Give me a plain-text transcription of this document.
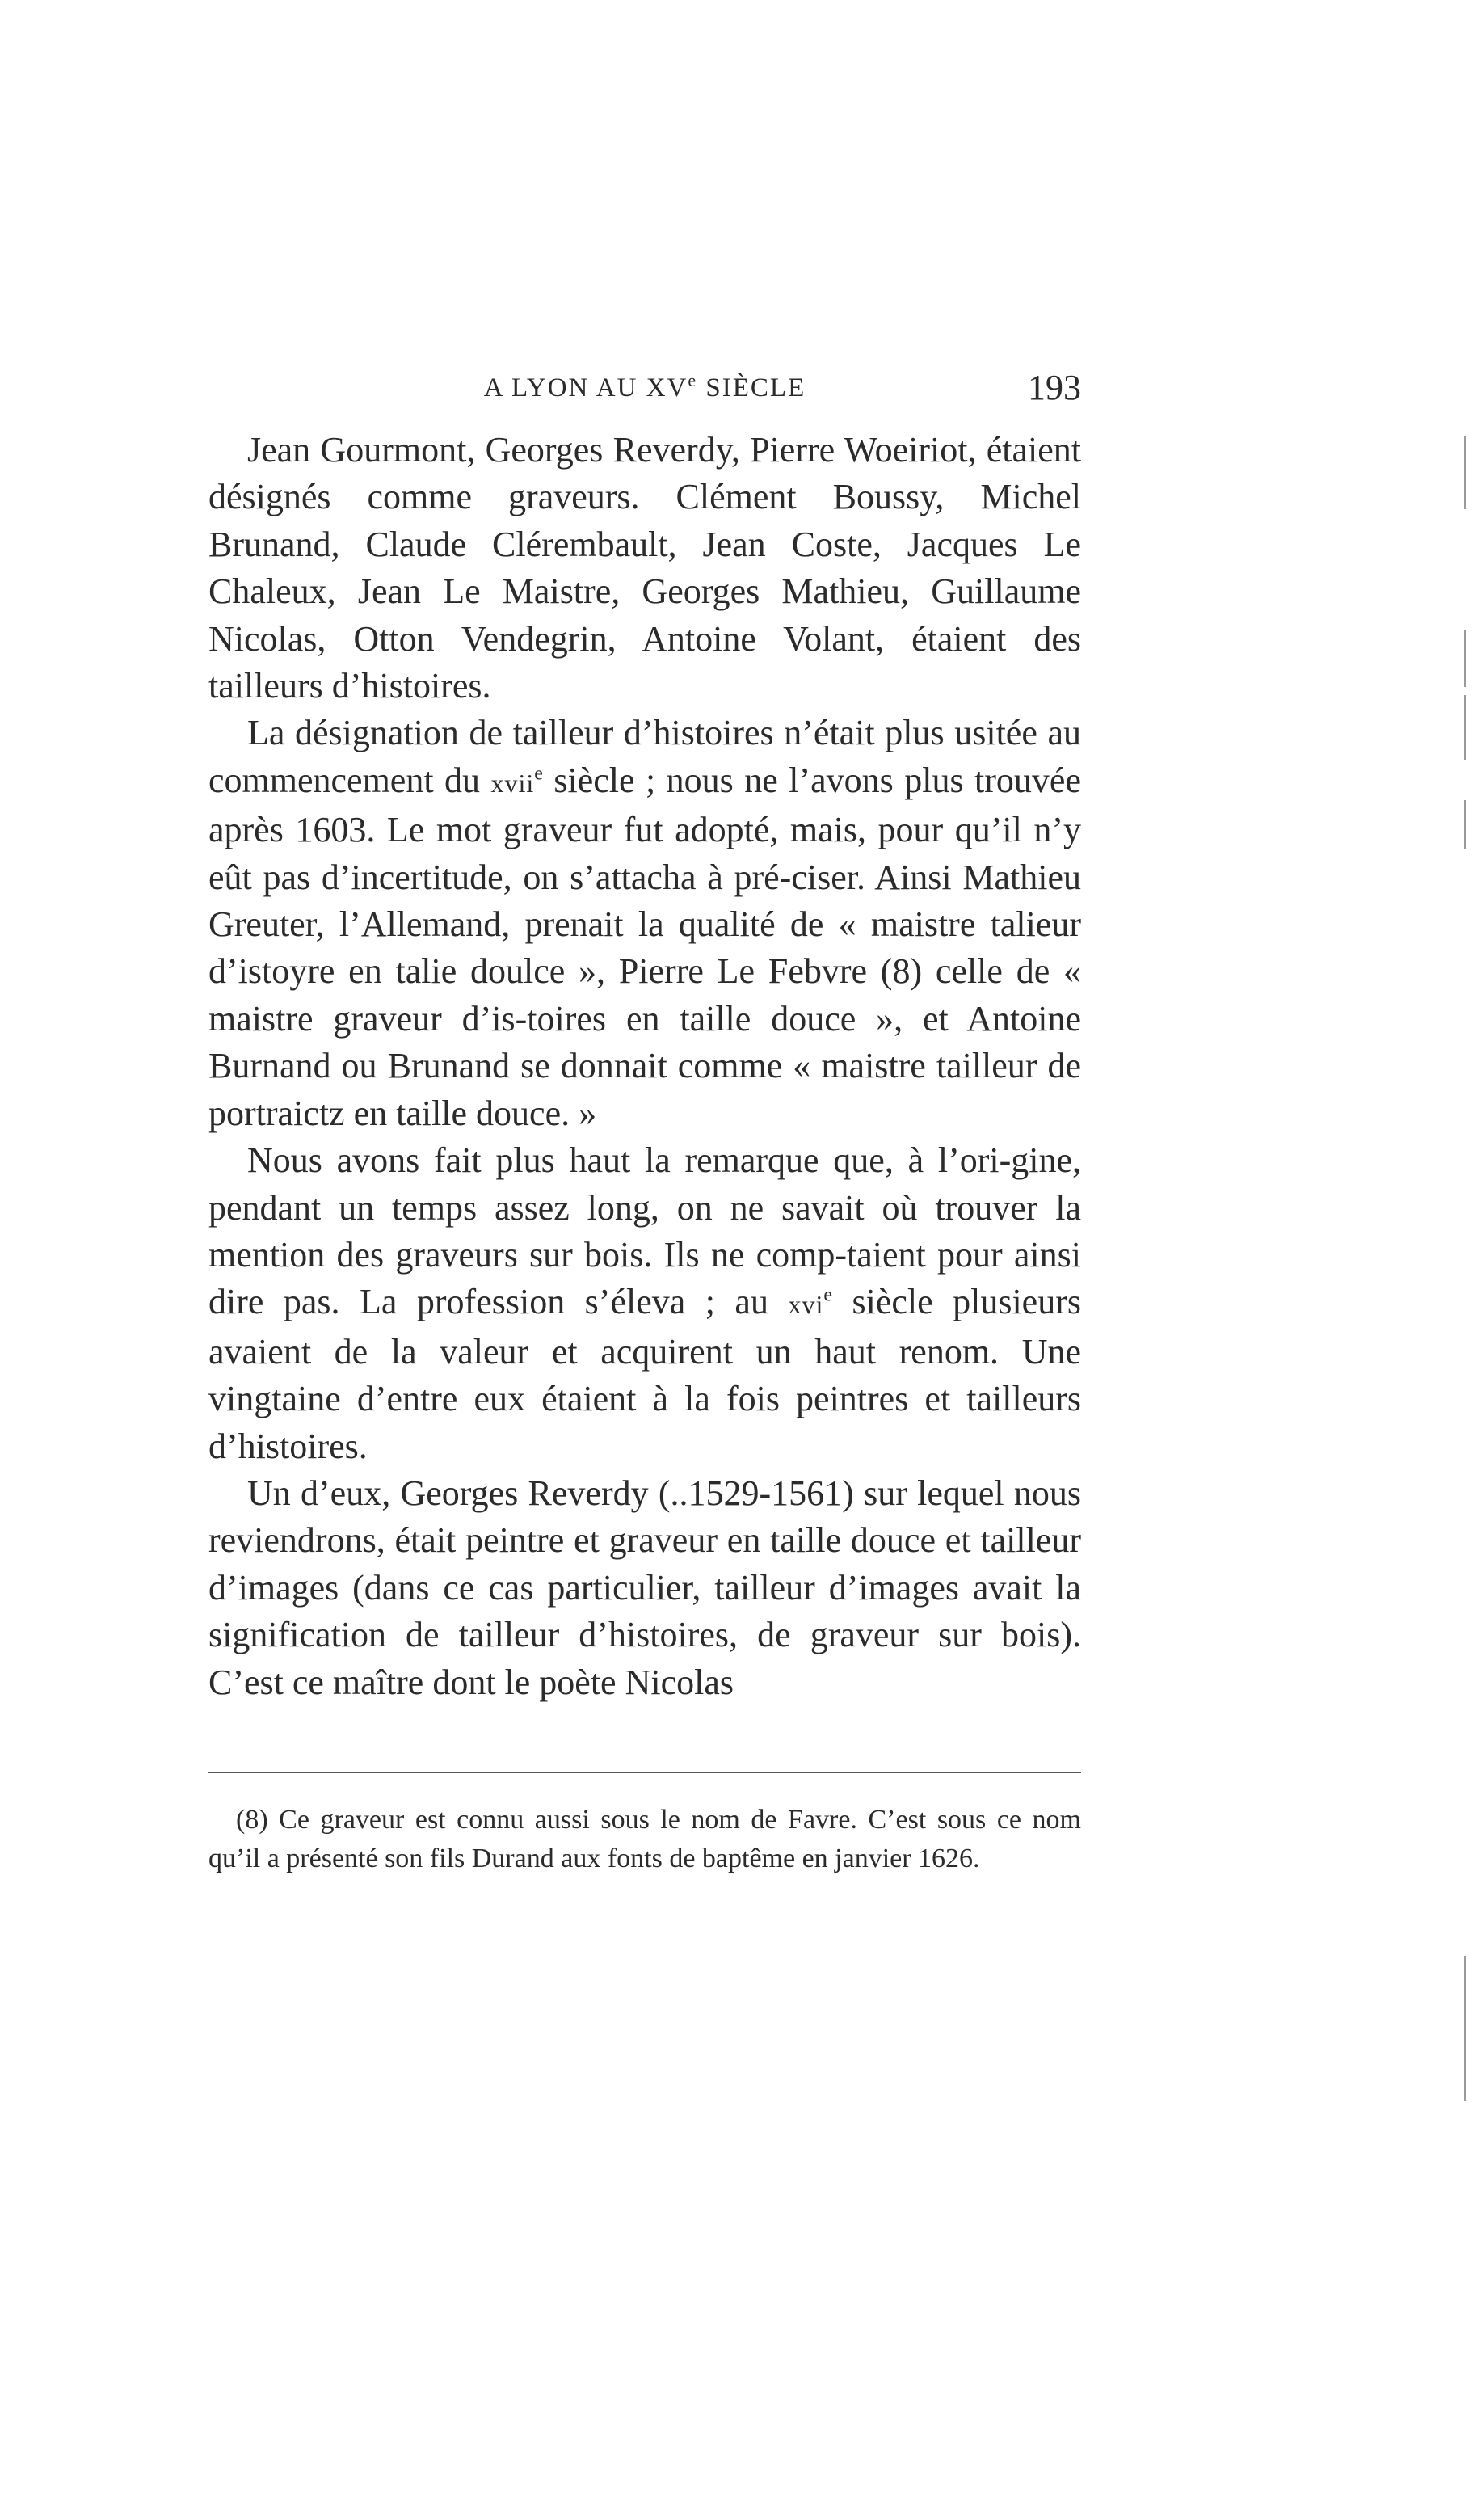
A LYON AU XVe SIÈCLE	193

Jean Gourmont, Georges Reverdy, Pierre Woeiriot, étaient désignés comme graveurs. Clément Boussy, Michel Brunand, Claude Clérembault, Jean Coste, Jacques Le Chaleux, Jean Le Maistre, Georges Mathieu, Guillaume Nicolas, Otton Vendegrin, Antoine Volant, étaient des tailleurs d’histoires.

La désignation de tailleur d’histoires n’était plus usitée au commencement du xvii$^e$ siècle ; nous ne l’avons plus trouvée après 1603. Le mot graveur fut adopté, mais, pour qu’il n’y eût pas d’incertitude, on s’attacha à pré-ciser. Ainsi Mathieu Greuter, l’Allemand, prenait la qualité de « maistre talieur d’istoyre en talie doulce », Pierre Le Febvre (8) celle de « maistre graveur d’is-toires en taille douce », et Antoine Burnand ou Brunand se donnait comme « maistre tailleur de portraictz en taille douce. »

Nous avons fait plus haut la remarque que, à l’ori-gine, pendant un temps assez long, on ne savait où trouver la mention des graveurs sur bois. Ils ne comp-taient pour ainsi dire pas. La profession s’éleva ; au xvi$^e$ siècle plusieurs avaient de la valeur et acquirent un haut renom. Une vingtaine d’entre eux étaient à la fois peintres et tailleurs d’histoires.

Un d’eux, Georges Reverdy (..1529-1561) sur lequel nous reviendrons, était peintre et graveur en taille douce et tailleur d’images (dans ce cas particulier, tailleur d’images avait la signification de tailleur d’histoires, de graveur sur bois). C’est ce maître dont le poète Nicolas

(8) Ce graveur est connu aussi sous le nom de Favre. C’est sous ce nom qu’il a présenté son fils Durand aux fonts de baptême en janvier 1626.
